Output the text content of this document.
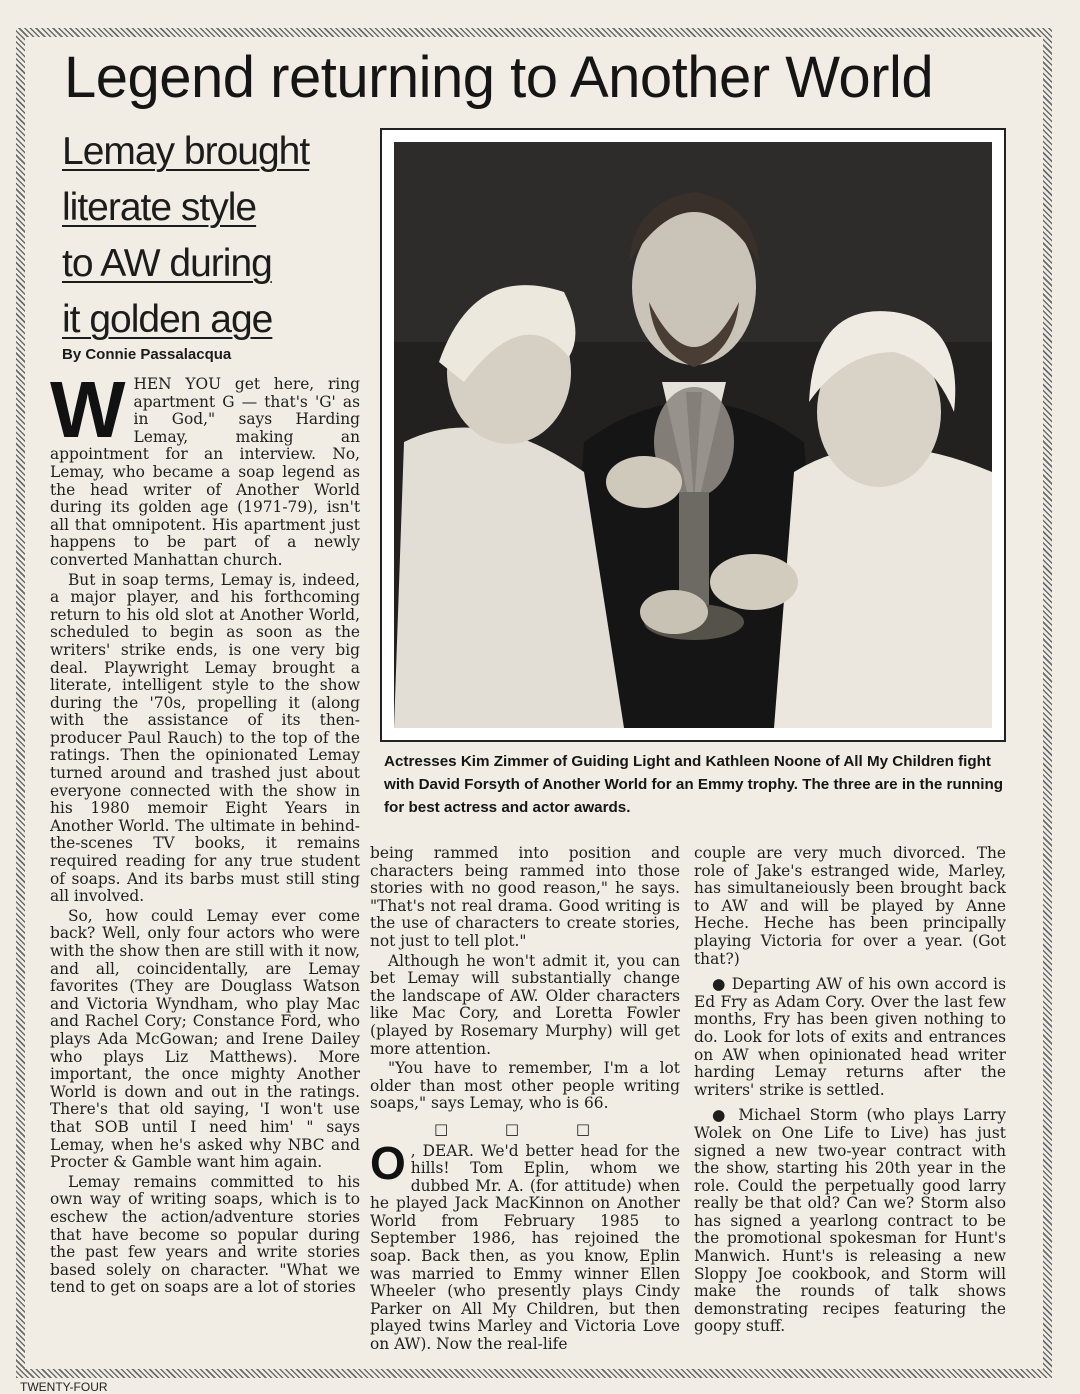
Legend returning to Another World
Lemay brought
literate style
to AW during
it golden age
By Connie Passalacqua

WHEN YOU get here, ring apartment G — that's 'G' as in God," says Harding Lemay, making an appointment for an interview. No, Lemay, who became a soap legend as the head writer of Another World during its golden age (1971-79), isn't all that omnipotent. His apartment just happens to be part of a newly converted Manhattan church.

But in soap terms, Lemay is, indeed, a major player, and his forthcoming return to his old slot at Another World, scheduled to begin as soon as the writers' strike ends, is one very big deal. Playwright Lemay brought a literate, intelligent style to the show during the '70s, propelling it (along with the assistance of its then-producer Paul Rauch) to the top of the ratings. Then the opinionated Lemay turned around and trashed just about everyone connected with the show in his 1980 memoir Eight Years in Another World. The ultimate in behind-the-scenes TV books, it remains required reading for any true student of soaps. And its barbs must still sting all involved.

So, how could Lemay ever come back? Well, only four actors who were with the show then are still with it now, and all, coincidentally, are Lemay favorites (They are Douglass Watson and Victoria Wyndham, who play Mac and Rachel Cory; Constance Ford, who plays Ada McGowan; and Irene Dailey who plays Liz Matthews). More important, the once mighty Another World is down and out in the ratings. There's that old saying, 'I won't use that SOB until I need him' " says Lemay, when he's asked why NBC and Procter & Gamble want him again.

Lemay remains committed to his own way of writing soaps, which is to eschew the action/adventure stories that have become so popular during the past few years and write stories based solely on character. "What we tend to get on soaps are a lot of stories

Actresses Kim Zimmer of Guiding Light and Kathleen Noone of All My Children fight with David Forsyth of Another World for an Emmy trophy. The three are in the running for best actress and actor awards.

being rammed into position and characters being rammed into those stories with no good reason," he says. "That's not real drama. Good writing is the use of characters to create stories, not just to tell plot."

Although he won't admit it, you can bet Lemay will substantially change the landscape of AW. Older characters like Mac Cory, and Loretta Fowler (played by Rosemary Murphy) will get more attention.

"You have to remember, I'm a lot older than most other people writing soaps," says Lemay, who is 66.

□ □ □

O , DEAR. We'd better head for the hills! Tom Eplin, whom we dubbed Mr. A. (for attitude) when he played Jack MacKinnon on Another World from February 1985 to September 1986, has rejoined the soap. Back then, as you know, Eplin was married to Emmy winner Ellen Wheeler (who presently plays Cindy Parker on All My Children, but then played twins Marley and Victoria Love on AW). Now the real-life

couple are very much divorced. The role of Jake's estranged wide, Marley, has simultaneiously been brought back to AW and will be played by Anne Heche. Heche has been principally playing Victoria for over a year. (Got that?)

● Departing AW of his own accord is Ed Fry as Adam Cory. Over the last few months, Fry has been given nothing to do. Look for lots of exits and entrances on AW when opinionated head writer harding Lemay returns after the writers' strike is settled.

● Michael Storm (who plays Larry Wolek on One Life to Live) has just signed a new two-year contract with the show, starting his 20th year in the role. Could the perpetually good larry really be that old? Can we? Storm also has signed a yearlong contract to be the promotional spokesman for Hunt's Manwich. Hunt's is releasing a new Sloppy Joe cookbook, and Storm will make the rounds of talk shows demonstrating recipes featuring the goopy stuff.

TWENTY-FOUR
